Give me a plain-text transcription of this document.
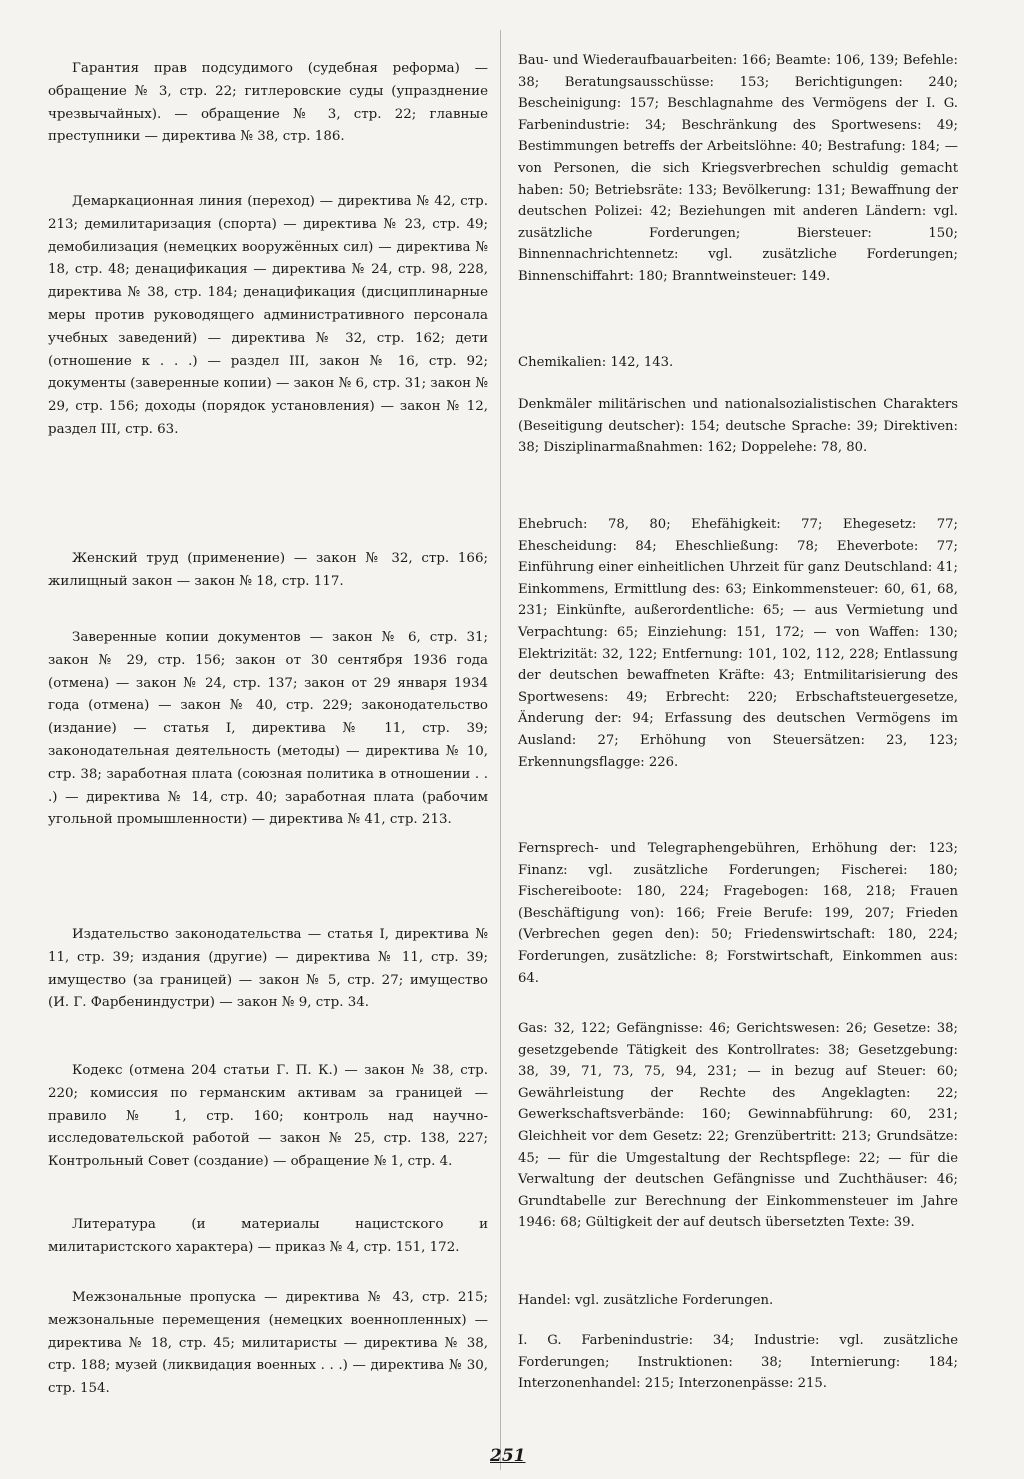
Гарантия прав подсудимого (судебная реформа) — обращение № 3, стр. 22; гитлеровские суды (упразднение чрезвычайных). — обращение № 3, стр. 22; главные преступники — директива № 38, стр. 186.

Демаркационная линия (переход) — директива № 42, стр. 213; демилитаризация (спорта) — директива № 23, стр. 49; демобилизация (немецких вооружённых сил) — директива № 18, стр. 48; денацификация — директива № 24, стр. 98, 228, директива № 38, стр. 184; денацификация (дисциплинарные меры против руководящего административного персонала учебных заведений) — директива № 32, стр. 162; дети (отношение к . . .) — раздел III, закон № 16, стр. 92; документы (заверенные копии) — закон № 6, стр. 31; закон № 29, стр. 156; доходы (порядок установления) — закон № 12, раздел III, стр. 63.

Женский труд (применение) — закон № 32, стр. 166; жилищный закон — закон № 18, стр. 117.

Заверенные копии документов — закон № 6, стр. 31; закон № 29, стр. 156; закон от 30 сентября 1936 года (отмена) — закон № 24, стр. 137; закон от 29 января 1934 года (отмена) — закон № 40, стр. 229; законодательство (издание) — статья I, директива № 11, стр. 39; законодательная деятельность (методы) — директива № 10, стр. 38; заработная плата (союзная политика в отношении . . .) — директива № 14, стр. 40; заработная плата (рабочим угольной промышленности) — директива № 41, стр. 213.

Издательство законодательства — статья I, директива № 11, стр. 39; издания (другие) — директива № 11, стр. 39; имущество (за границей) — закон № 5, стр. 27; имущество (И. Г. Фарбениндустри) — закон № 9, стр. 34.

Кодекс (отмена 204 статьи Г. П. К.) — закон № 38, стр. 220; комиссия по германским активам за границей — правило № 1, стр. 160; контроль над научно-исследовательской работой — закон № 25, стр. 138, 227; Контрольный Совет (создание) — обращение № 1, стр. 4.

Литература (и материалы нацистского и милитаристского характера) — приказ № 4, стр. 151, 172.

Межзональные пропуска — директива № 43, стр. 215; межзональные перемещения (немецких военнопленных) — директива № 18, стр. 45; милитаристы — директива № 38, стр. 188; музей (ликвидация военных . . .) — директива № 30, стр. 154.

Bau- und Wiederaufbauarbeiten: 166; Beamte: 106, 139; Befehle: 38; Beratungsausschüsse: 153; Berichtigungen: 240; Bescheinigung: 157; Beschlagnahme des Vermögens der I. G. Farbenindustrie: 34; Beschränkung des Sportwesens: 49; Bestimmungen betreffs der Arbeitslöhne: 40; Bestrafung: 184; — von Personen, die sich Kriegsverbrechen schuldig gemacht haben: 50; Betriebsräte: 133; Bevölkerung: 131; Bewaffnung der deutschen Polizei: 42; Beziehungen mit anderen Ländern: vgl. zusätzliche Forderungen; Biersteuer: 150; Binnennachrichtennetz: vgl. zusätzliche Forderungen; Binnenschiffahrt: 180; Branntweinsteuer: 149.

Chemikalien: 142, 143.

Denkmäler militärischen und nationalsozialistischen Charakters (Beseitigung deutscher): 154; deutsche Sprache: 39; Direktiven: 38; Disziplinarmaßnahmen: 162; Doppelehe: 78, 80.

Ehebruch: 78, 80; Ehefähigkeit: 77; Ehegesetz: 77; Ehescheidung: 84; Eheschließung: 78; Eheverbote: 77; Einführung einer einheitlichen Uhrzeit für ganz Deutschland: 41; Einkommens, Ermittlung des: 63; Einkommensteuer: 60, 61, 68, 231; Einkünfte, außerordentliche: 65; — aus Vermietung und Verpachtung: 65; Einziehung: 151, 172; — von Waffen: 130; Elektrizität: 32, 122; Entfernung: 101, 102, 112, 228; Entlassung der deutschen bewaffneten Kräfte: 43; Entmilitarisierung des Sportwesens: 49; Erbrecht: 220; Erbschaftsteuergesetze, Änderung der: 94; Erfassung des deutschen Vermögens im Ausland: 27; Erhöhung von Steuersätzen: 23, 123; Erkennungsflagge: 226.

Fernsprech- und Telegraphengebühren, Erhöhung der: 123; Finanz: vgl. zusätzliche Forderungen; Fischerei: 180; Fischereiboote: 180, 224; Fragebogen: 168, 218; Frauen (Beschäftigung von): 166; Freie Berufe: 199, 207; Frieden (Verbrechen gegen den): 50; Friedenswirtschaft: 180, 224; Forderungen, zusätzliche: 8; Forstwirtschaft, Einkommen aus: 64.

Gas: 32, 122; Gefängnisse: 46; Gerichtswesen: 26; Gesetze: 38; gesetzgebende Tätigkeit des Kontrollrates: 38; Gesetzgebung: 38, 39, 71, 73, 75, 94, 231; — in bezug auf Steuer: 60; Gewährleistung der Rechte des Angeklagten: 22; Gewerkschaftsverbände: 160; Gewinnabführung: 60, 231; Gleichheit vor dem Gesetz: 22; Grenzübertritt: 213; Grundsätze: 45; — für die Umgestaltung der Rechtspflege: 22; — für die Verwaltung der deutschen Gefängnisse und Zuchthäuser: 46; Grundtabelle zur Berechnung der Einkommensteuer im Jahre 1946: 68; Gültigkeit der auf deutsch übersetzten Texte: 39.

Handel: vgl. zusätzliche Forderungen.

I. G. Farbenindustrie: 34; Industrie: vgl. zusätzliche Forderungen; Instruktionen: 38; Internierung: 184; Interzonenhandel: 215; Interzonenpässe: 215.

251
